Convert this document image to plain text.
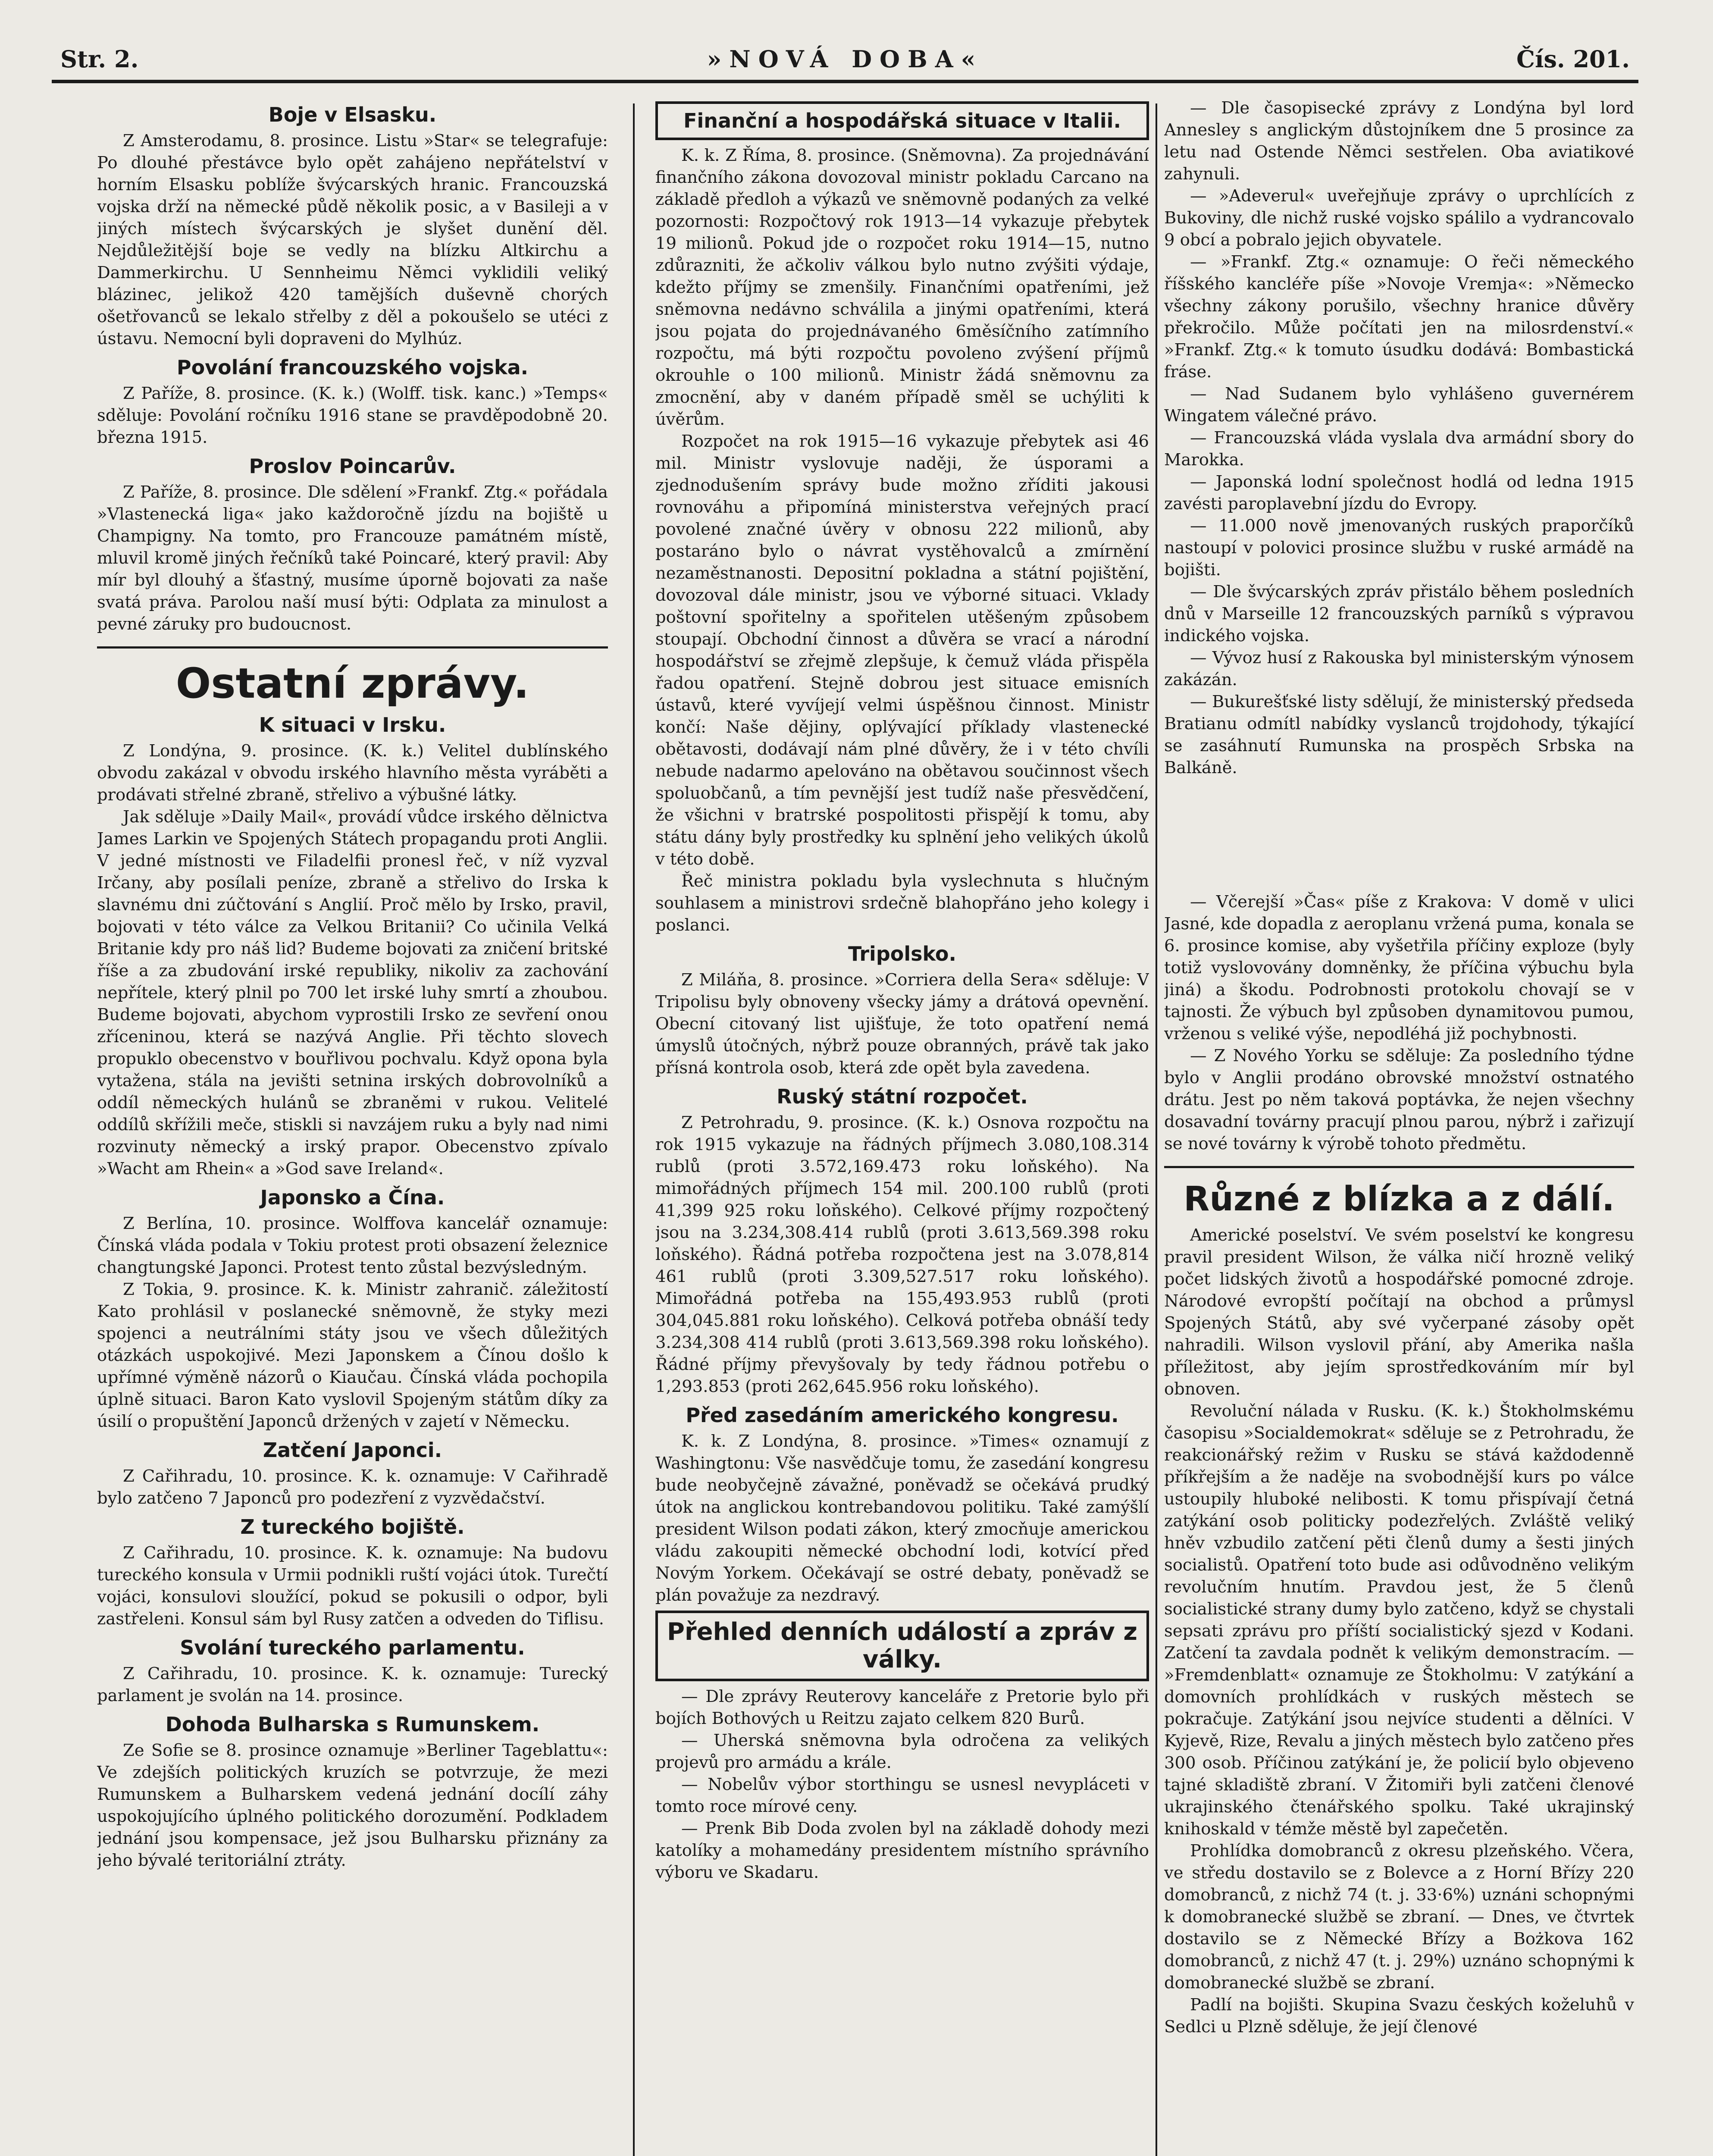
Str. 2.	»NOVÁ DOBA«	Čís. 201.
Boje v Elsasku.

Z Amsterodamu, 8. prosince. Listu »Star« se telegrafuje: Po dlouhé přestávce bylo opět zahájeno nepřátelství v horním Elsasku poblíže švýcarských hranic. Francouzská vojska drží na německé půdě několik posic, a v Basileji a v jiných místech švýcarských je slyšet dunění děl. Nejdůležitější boje se vedly na blízku Altkirchu a Dammerkirchu. U Sennheimu Němci vyklidili veliký blázinec, jelikož 420 tamějších duševně chorých ošetřovanců se lekalo střelby z děl a pokoušelo se utéci z ústavu. Nemocní byli dopraveni do Mylhúz.

Povolání francouzského vojska.

Z Paříže, 8. prosince. (K. k.) (Wolff. tisk. kanc.) »Temps« sděluje: Povolání ročníku 1916 stane se pravděpodobně 20. března 1915.

Proslov Poincarův.

Z Paříže, 8. prosince. Dle sdělení »Frankf. Ztg.« pořádala »Vlastenecká liga« jako každoročně jízdu na bojiště u Champigny. Na tomto, pro Francouze památném místě, mluvil kromě jiných řečníků také Poincaré, který pravil: Aby mír byl dlouhý a šťastný, musíme úporně bojovati za naše svatá práva. Parolou naší musí býti: Odplata za minulost a pevné záruky pro budoucnost.

Ostatní zprávy.
K situaci v Irsku.

Z Londýna, 9. prosince. (K. k.) Velitel dublínského obvodu zakázal v obvodu irského hlavního města vyráběti a prodávati střelné zbraně, střelivo a výbušné látky.

Jak sděluje »Daily Mail«, provádí vůdce irského dělnictva James Larkin ve Spojených Státech propagandu proti Anglii. V jedné místnosti ve Filadelfii pronesl řeč, v níž vyzval Irčany, aby posílali peníze, zbraně a střelivo do Irska k slavnému dni zúčtování s Anglií. Proč mělo by Irsko, pravil, bojovati v této válce za Velkou Britanii? Co učinila Velká Britanie kdy pro náš lid? Budeme bojovati za zničení britské říše a za zbudování irské republiky, nikoliv za zachování nepřítele, který plnil po 700 let irské luhy smrtí a zhoubou. Budeme bojovati, abychom vyprostili Irsko ze sevření onou zříceninou, která se nazývá Anglie. Při těchto slovech propuklo obecenstvo v bouřlivou pochvalu. Když opona byla vytažena, stála na jevišti setnina irských dobrovolníků a oddíl německých hulánů se zbraněmi v rukou. Velitelé oddílů skřížili meče, stiskli si navzájem ruku a byly nad nimi rozvinuty německý a irský prapor. Obecenstvo zpívalo »Wacht am Rhein« a »God save Ireland«.

Japonsko a Čína.

Z Berlína, 10. prosince. Wolffova kancelář oznamuje: Čínská vláda podala v Tokiu protest proti obsazení železnice changtungské Japonci. Protest tento zůstal bezvýsledným.

Z Tokia, 9. prosince. K. k. Ministr zahranič. záležitostí Kato prohlásil v poslanecké sněmovně, že styky mezi spojenci a neutrálními státy jsou ve všech důležitých otázkách uspokojivé. Mezi Japonskem a Čínou došlo k upřímné výměně názorů o Kiaučau. Čínská vláda pochopila úplně situaci. Baron Kato vyslovil Spojeným státům díky za úsilí o propuštění Japonců držených v zajetí v Německu.

Zatčení Japonci.

Z Cařihradu, 10. prosince. K. k. oznamuje: V Cařihradě bylo zatčeno 7 Japonců pro podezření z vyzvědačství.

Z tureckého bojiště.

Z Cařihradu, 10. prosince. K. k. oznamuje: Na budovu tureckého konsula v Urmii podnikli ruští vojáci útok. Turečtí vojáci, konsulovi sloužící, pokud se pokusili o odpor, byli zastřeleni. Konsul sám byl Rusy zatčen a odveden do Tiflisu.

Svolání tureckého parlamentu.

Z Cařihradu, 10. prosince. K. k. oznamuje: Turecký parlament je svolán na 14. prosince.

Dohoda Bulharska s Rumunskem.

Ze Sofie se 8. prosince oznamuje »Berliner Tageblattu«: Ve zdejších politických kruzích se potvrzuje, že mezi Rumunskem a Bulharskem vedená jednání docílí záhy uspokojujícího úplného politického dorozumění. Podkladem jednání jsou kompensace, jež jsou Bulharsku přiznány za jeho bývalé teritoriální ztráty.

Finanční a hospodářská situace v Italii.

K. k. Z Říma, 8. prosince. (Sněmovna). Za projednávání finančního zákona dovozoval ministr pokladu Carcano na základě předloh a výkazů ve sněmovně podaných za velké pozornosti: Rozpočtový rok 1913—14 vykazuje přebytek 19 milionů. Pokud jde o rozpočet roku 1914—15, nutno zdůrazniti, že ačkoliv válkou bylo nutno zvýšiti výdaje, kdežto příjmy se zmenšily. Finančními opatřeními, jež sněmovna nedávno schválila a jinými opatřeními, která jsou pojata do projednávaného 6měsíčního zatímního rozpočtu, má býti rozpočtu povoleno zvýšení příjmů okrouhle o 100 milionů. Ministr žádá sněmovnu za zmocnění, aby v daném případě směl se uchýliti k úvěrům.

Rozpočet na rok 1915—16 vykazuje přebytek asi 46 mil. Ministr vyslovuje naději, že úsporami a zjednodušením správy bude možno zříditi jakousi rovnováhu a připomíná ministerstva veřejných prací povolené značné úvěry v obnosu 222 milionů, aby postaráno bylo o návrat vystěhovalců a zmírnění nezaměstnanosti. Depositní pokladna a státní pojištění, dovozoval dále ministr, jsou ve výborné situaci. Vklady poštovní spořitelny a spořitelen utěšeným způsobem stoupají. Obchodní činnost a důvěra se vrací a národní hospodářství se zřejmě zlepšuje, k čemuž vláda přispěla řadou opatření. Stejně dobrou jest situace emisních ústavů, které vyvíjejí velmi úspěšnou činnost. Ministr končí: Naše dějiny, oplývající příklady vlastenecké obětavosti, dodávají nám plné důvěry, že i v této chvíli nebude nadarmo apelováno na obětavou součinnost všech spoluobčanů, a tím pevnější jest tudíž naše přesvědčení, že všichni v bratrské pospolitosti přispějí k tomu, aby státu dány byly prostředky ku splnění jeho velikých úkolů v této době.

Řeč ministra pokladu byla vyslechnuta s hlučným souhlasem a ministrovi srdečně blahopřáno jeho kolegy i poslanci.

Tripolsko.

Z Miláňa, 8. prosince. »Corriera della Sera« sděluje: V Tripolisu byly obnoveny všecky jámy a drátová opevnění. Obecní citovaný list ujišťuje, že toto opatření nemá úmyslů útočných, nýbrž pouze obranných, právě tak jako přísná kontrola osob, která zde opět byla zavedena.

Ruský státní rozpočet.

Z Petrohradu, 9. prosince. (K. k.) Osnova rozpočtu na rok 1915 vykazuje na řádných příjmech 3.080,108.314 rublů (proti 3.572,169.473 roku loňského). Na mimořádných příjmech 154 mil. 200.100 rublů (proti 41,399 925 roku loňského). Celkové příjmy rozpočtený jsou na 3.234,308.414 rublů (proti 3.613,569.398 roku loňského). Řádná potřeba rozpočtena jest na 3.078,814 461 rublů (proti 3.309,527.517 roku loňského). Mimořádná potřeba na 155,493.953 rublů (proti 304,045.881 roku loňského). Celková potřeba obnáší tedy 3.234,308 414 rublů (proti 3.613,569.398 roku loňského). Řádné příjmy převyšovaly by tedy řádnou potřebu o 1,293.853 (proti 262,645.956 roku loňského).

Před zasedáním amerického kongresu.

K. k. Z Londýna, 8. prosince. »Times« oznamují z Washingtonu: Vše nasvědčuje tomu, že zasedání kongresu bude neobyčejně závažné, poněvadž se očekává prudký útok na anglickou kontrebandovou politiku. Také zamýšlí president Wilson podati zákon, který zmocňuje americkou vládu zakoupiti německé obchodní lodi, kotvící před Novým Yorkem. Očekávají se ostré debaty, poněvadž se plán považuje za nezdravý.

Přehled denních událostí a zpráv z války.

— Dle zprávy Reuterovy kanceláře z Pretorie bylo při bojích Bothových u Reitzu zajato celkem 820 Burů.

— Uherská sněmovna byla odročena za velikých projevů pro armádu a krále.

— Nobelův výbor storthingu se usnesl nevypláceti v tomto roce mírové ceny.

— Prenk Bib Doda zvolen byl na základě dohody mezi katolíky a mohamedány presidentem místního správního výboru ve Skadaru.

— Dle časopisecké zprávy z Londýna byl lord Annesley s anglickým důstojníkem dne 5 prosince za letu nad Ostende Němci sestřelen. Oba aviatikové zahynuli.

— »Adeverul« uveřejňuje zprávy o uprchlících z Bukoviny, dle nichž ruské vojsko spálilo a vydrancovalo 9 obcí a pobralo jejich obyvatele.

— »Frankf. Ztg.« oznamuje: O řeči německého říšského kancléře píše »Novoje Vremja«: »Německo všechny zákony porušilo, všechny hranice důvěry překročilo. Může počítati jen na milosrdenství.« »Frankf. Ztg.« k tomuto úsudku dodává: Bombastická fráse.

— Nad Sudanem bylo vyhlášeno guvernérem Wingatem válečné právo.

— Francouzská vláda vyslala dva armádní sbory do Marokka.

— Japonská lodní společnost hodlá od ledna 1915 zavésti paroplavební jízdu do Evropy.

— 11.000 nově jmenovaných ruských praporčíků nastoupí v polovici prosince službu v ruské armádě na bojišti.

— Dle švýcarských zpráv přistálo během posledních dnů v Marseille 12 francouzských parníků s výpravou indického vojska.

— Vývoz husí z Rakouska byl ministerským výnosem zakázán.

— Bukurešťské listy sdělují, že ministerský předseda Bratianu odmítl nabídky vyslanců trojdohody, týkající se zasáhnutí Rumunska na prospěch Srbska na Balkáně.

— Včerejší »Čas« píše z Krakova: V domě v ulici Jasné, kde dopadla z aeroplanu vržená puma, konala se 6. prosince komise, aby vyšetřila příčiny exploze (byly totiž vyslovovány domněnky, že příčina výbuchu byla jiná) a škodu. Podrobnosti protokolu chovají se v tajnosti. Že výbuch byl způsoben dynamitovou pumou, vrženou s veliké výše, nepodléhá již pochybnosti.

— Z Nového Yorku se sděluje: Za posledního týdne bylo v Anglii prodáno obrovské množství ostnatého drátu. Jest po něm taková poptávka, že nejen všechny dosavadní továrny pracují plnou parou, nýbrž i zařizují se nové továrny k výrobě tohoto předmětu.

Různé z blízka a z dálí.

Americké poselství. Ve svém poselství ke kongresu pravil president Wilson, že válka ničí hrozně veliký počet lidských životů a hospodářské pomocné zdroje. Národové evropští počítají na obchod a průmysl Spojených Států, aby své vyčerpané zásoby opět nahradili. Wilson vyslovil přání, aby Amerika našla příležitost, aby jejím sprostředkováním mír byl obnoven.

Revoluční nálada v Rusku. (K. k.) Štokholmskému časopisu »Socialdemokrat« sděluje se z Petrohradu, že reakcionářský režim v Rusku se stává každodenně příkřejším a že naděje na svobodnější kurs po válce ustoupily hluboké nelibosti. K tomu přispívají četná zatýkání osob politicky podezřelých. Zvláště veliký hněv vzbudilo zatčení pěti členů dumy a šesti jiných socialistů. Opatření toto bude asi odůvodněno velikým revolučním hnutím. Pravdou jest, že 5 členů socialistické strany dumy bylo zatčeno, když se chystali sepsati zprávu pro příští socialistický sjezd v Kodani. Zatčení ta zavdala podnět k velikým demonstracím. — »Fremdenblatt« oznamuje ze Štokholmu: V zatýkání a domovních prohlídkách v ruských městech se pokračuje. Zatýkání jsou nejvíce studenti a dělníci. V Kyjevě, Rize, Revalu a jiných městech bylo zatčeno přes 300 osob. Příčinou zatýkání je, že policií bylo objeveno tajné skladiště zbraní. V Žitomiři byli zatčeni členové ukrajinského čtenářského spolku. Také ukrajinský knihoskald v témže městě byl zapečetěn.

Prohlídka domobranců z okresu plzeňského. Včera, ve středu dostavilo se z Bolevce a z Horní Břízy 220 domobranců, z nichž 74 (t. j. 33·6%) uznáni schopnými k domobranecké službě se zbraní. — Dnes, ve čtvrtek dostavilo se z Německé Břízy a Bożkova 162 domobranců, z nichž 47 (t. j. 29%) uznáno schopnými k domobranecké službě se zbraní.

Padlí na bojišti. Skupina Svazu českých koželuhů v Sedlci u Plzně sděluje, že její členové
